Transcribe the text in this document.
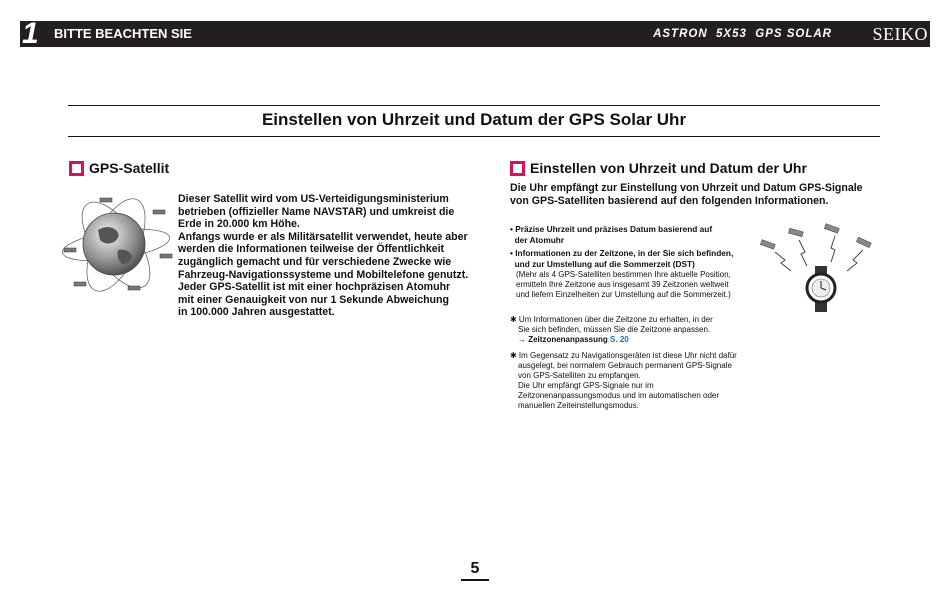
1 BITTE BEACHTEN SIE	ASTRON  5X53  GPS SOLAR SEIKO
Einstellen von Uhrzeit und Datum der GPS Solar Uhr
GPS-Satellit
Dieser Satellit wird vom US-Verteidigungsministerium
betrieben (offizieller Name NAVSTAR) und umkreist die
Erde in 20.000 km Höhe.
Anfangs wurde er als Militärsatellit verwendet, heute aber
werden die Informationen teilweise der Öffentlichkeit
zugänglich gemacht und für verschiedene Zwecke wie
Fahrzeug-Navigationssysteme und Mobiltelefone genutzt.
Jeder GPS-Satellit ist mit einer hochpräzisen Atomuhr
mit einer Genauigkeit von nur 1 Sekunde Abweichung
in 100.000 Jahren ausgestattet.
Einstellen von Uhrzeit und Datum der Uhr
Die Uhr empfängt zur Einstellung von Uhrzeit und Datum GPS-Signale
von GPS-Satelliten basierend auf den folgenden Informationen.
• Präzise Uhrzeit und präzises Datum basierend auf
der Atomuhr
• Informationen zu der Zeitzone, in der Sie sich befinden,
und zur Umstellung auf die Sommerzeit (DST)
(Mehr als 4 GPS-Satelliten bestimmen Ihre aktuelle Position,
ermitteln Ihre Zeitzone aus insgesamt 39 Zeitzonen weltweit
und liefern Einzelheiten zur Umstellung auf die Sommerzeit.)
✱ Um Informationen über die Zeitzone zu erhalten, in der
Sie sich befinden, müssen Sie die Zeitzone anpassen.
→ Zeitzonenanpassung S. 20
✱ Im Gegensatz zu Navigationsgeräten ist diese Uhr nicht dafür
ausgelegt, bei normalem Gebrauch permanent GPS-Signale
von GPS-Satelliten zu empfangen.
Die Uhr empfängt GPS-Signale nur im
Zeitzonenanpassungsmodus und im automatischen oder
manuellen Zeiteinstellungsmodus.
5
